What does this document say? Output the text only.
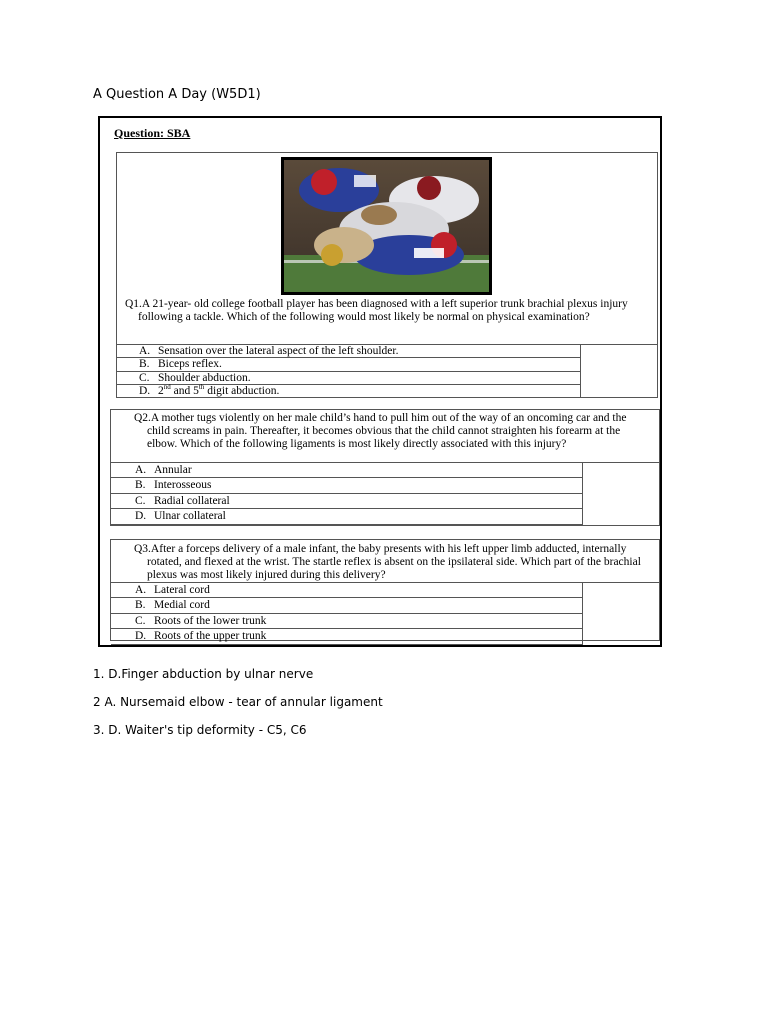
A Question A Day (W5D1)
Question: SBA
Q1.A 21-year- old college football player has been diagnosed with a left superior trunk brachial plexus injury following a tackle. Which of the following would most likely be normal on physical examination?
A. Sensation over the lateral aspect of the left shoulder.
B. Biceps reflex.
C. Shoulder abduction.
D. 2nd and 5th digit abduction.
Q2.A mother tugs violently on her male child’s hand to pull him out of the way of an oncoming car and the child screams in pain. Thereafter, it becomes obvious that the child cannot straighten his forearm at the elbow. Which of the following ligaments is most likely directly associated with this injury?
A. Annular
B. Interosseous
C. Radial collateral
D. Ulnar collateral
Q3.After a forceps delivery of a male infant, the baby presents with his left upper limb adducted, internally rotated, and flexed at the wrist. The startle reflex is absent on the ipsilateral side. Which part of the brachial plexus was most likely injured during this delivery?
A. Lateral cord
B. Medial cord
C. Roots of the lower trunk
D. Roots of the upper trunk
1. D.Finger abduction by ulnar nerve
2 A. Nursemaid elbow - tear of annular ligament
3. D. Waiter's tip deformity - C5, C6
